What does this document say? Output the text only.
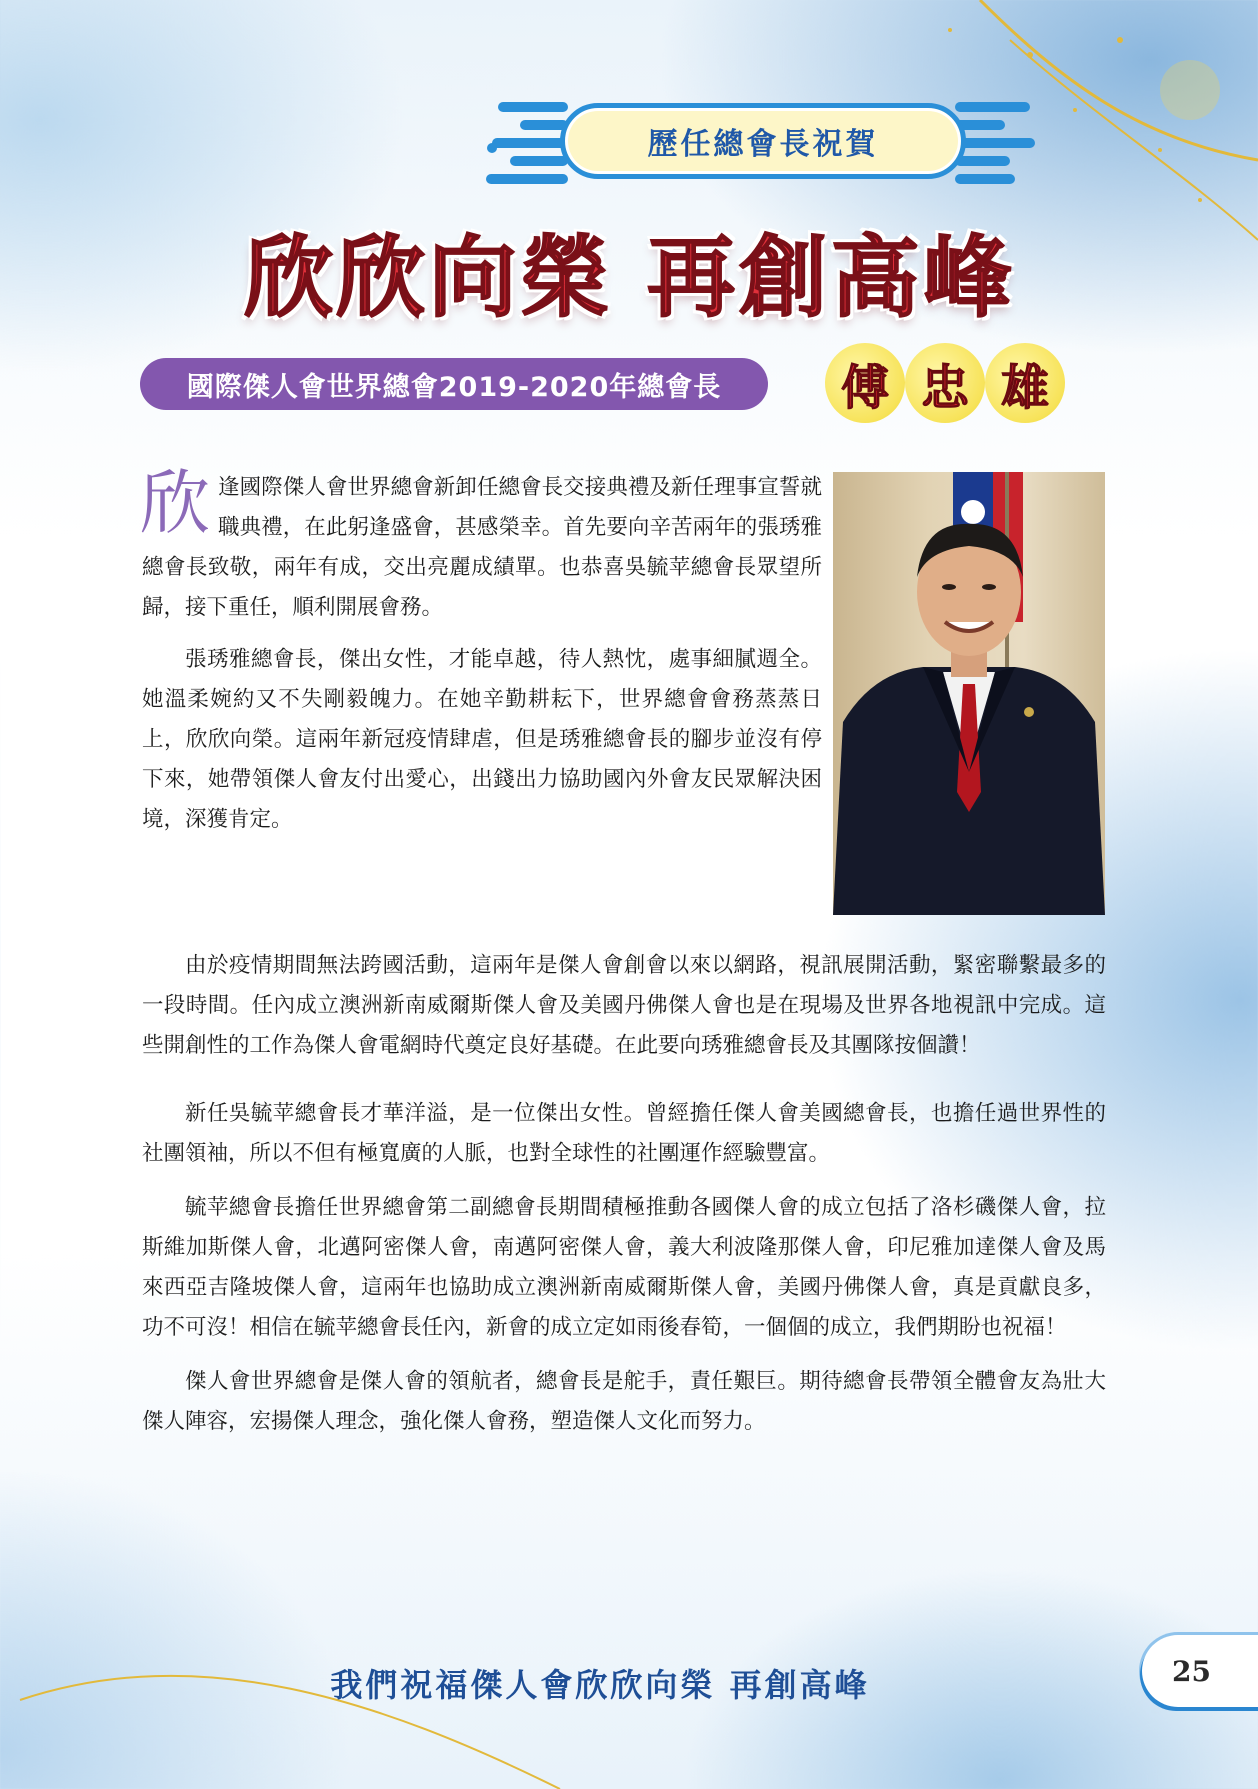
歷任總會長祝賀
欣欣向榮 再創高峰
國際傑人會世界總會2019-2020年總會長	傅 忠 雄

欣逢國際傑人會世界總會新卸任總會長交接典禮及新任理事宣誓就職典禮，在此躬逢盛會，甚感榮幸。首先要向辛苦兩年的張琇雅總會長致敬，兩年有成，交出亮麗成績單。也恭喜吳毓苹總會長眾望所歸，接下重任，順利開展會務。

張琇雅總會長，傑出女性，才能卓越，待人熱忱，處事細膩週全。她溫柔婉約又不失剛毅魄力。在她辛勤耕耘下，世界總會會務蒸蒸日上，欣欣向榮。這兩年新冠疫情肆虐，但是琇雅總會長的腳步並沒有停下來，她帶領傑人會友付出愛心，出錢出力協助國內外會友民眾解決困境，深獲肯定。

由於疫情期間無法跨國活動，這兩年是傑人會創會以來以網路，視訊展開活動，緊密聯繫最多的一段時間。任內成立澳洲新南威爾斯傑人會及美國丹佛傑人會也是在現場及世界各地視訊中完成。這些開創性的工作為傑人會電網時代奠定良好基礎。在此要向琇雅總會長及其團隊按個讚！

新任吳毓苹總會長才華洋溢，是一位傑出女性。曾經擔任傑人會美國總會長，也擔任過世界性的社團領袖，所以不但有極寬廣的人脈，也對全球性的社團運作經驗豐富。

毓苹總會長擔任世界總會第二副總會長期間積極推動各國傑人會的成立包括了洛杉磯傑人會，拉斯維加斯傑人會，北邁阿密傑人會，南邁阿密傑人會，義大利波隆那傑人會，印尼雅加達傑人會及馬來西亞吉隆坡傑人會，這兩年也協助成立澳洲新南威爾斯傑人會，美國丹佛傑人會，真是貢獻良多，功不可沒！相信在毓苹總會長任內，新會的成立定如雨後春筍，一個個的成立，我們期盼也祝福！

傑人會世界總會是傑人會的領航者，總會長是舵手，責任艱巨。期待總會長帶領全體會友為壯大傑人陣容，宏揚傑人理念，強化傑人會務，塑造傑人文化而努力。

我們祝福傑人會欣欣向榮 再創高峰	25
